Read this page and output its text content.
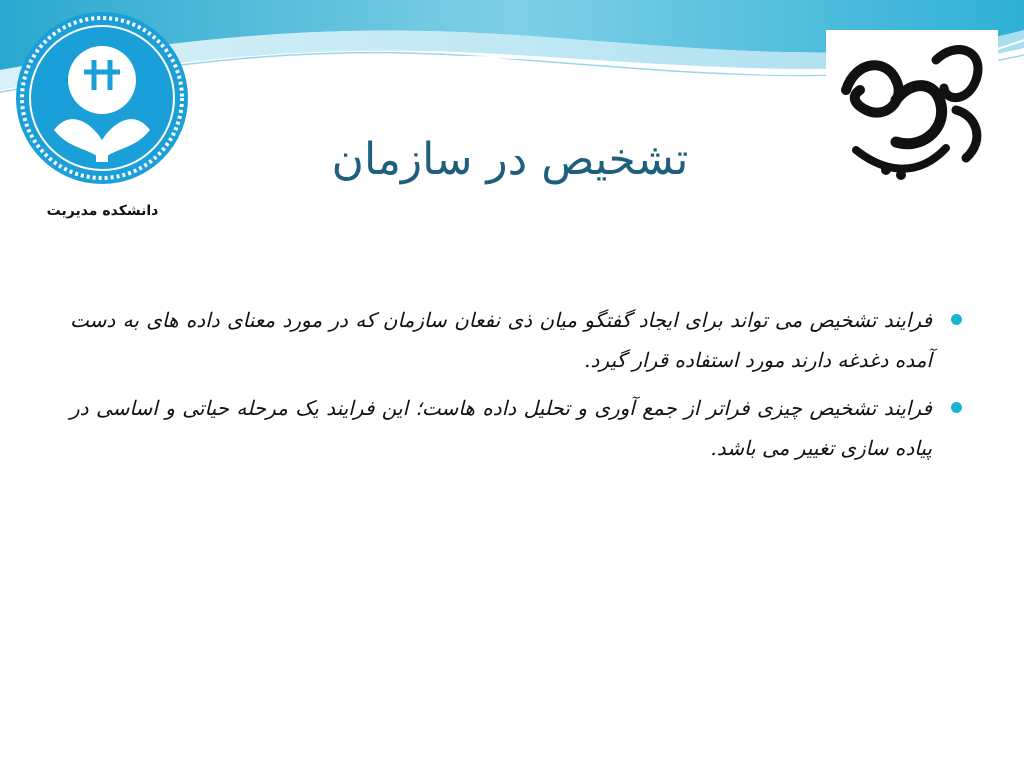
دانشکده مدیریت
تشخیص در سازمان
فرایند تشخیص می تواند برای ایجاد گفتگو میان ذی نفعان سازمان که در مورد معنای داده های به دست آمده دغدغه دارند مورد استفاده قرار گیرد.
فرایند تشخیص چیزی فراتر از جمع آوری و تحلیل داده هاست؛ این فرایند یک مرحله حیاتی و اساسی در پیاده سازی تغییر می باشد.
